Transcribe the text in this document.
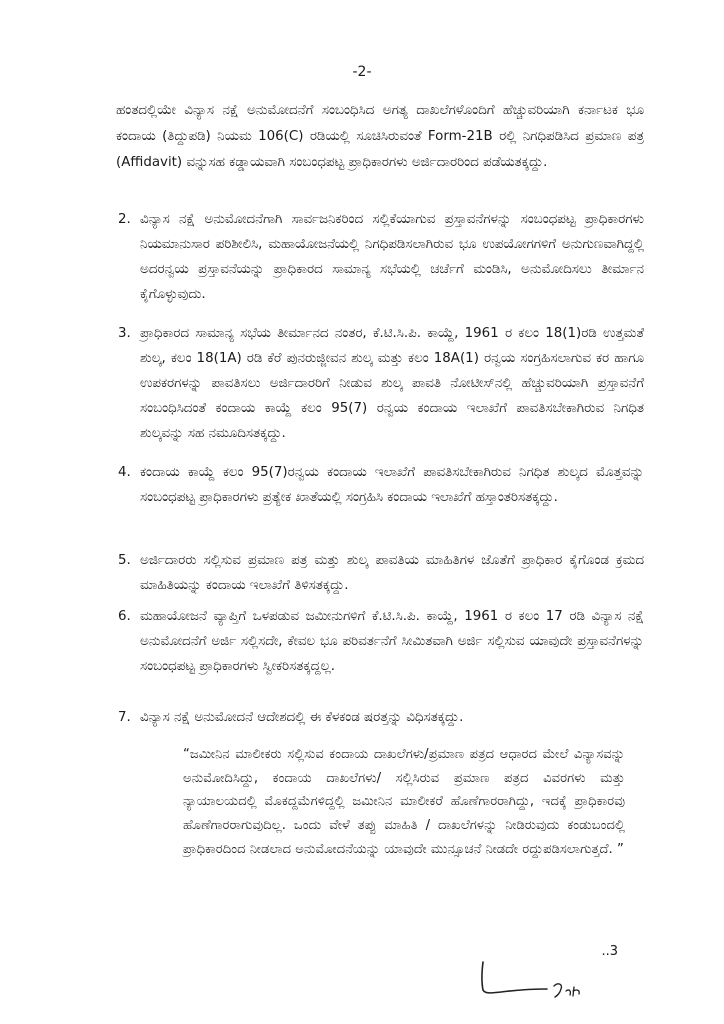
-2-
ಹಂತದಲ್ಲಿಯೇ ವಿನ್ಯಾಸ ನಕ್ಷೆ ಅನುಮೋದನೆಗೆ ಸಂಬಂಧಿಸಿದ ಅಗತ್ಯ ದಾಖಲೆಗಳೊಂದಿಗೆ ಹೆಚ್ಚುವರಿಯಾಗಿ ಕರ್ನಾಟಕ ಭೂ ಕಂದಾಯ (ತಿದ್ದುಪಡಿ) ನಿಯಮ 106(C) ರಡಿಯಲ್ಲಿ ಸೂಚಿಸಿರುವಂತೆ Form-21B ರಲ್ಲಿ ನಿಗಧಿಪಡಿಸಿದ ಪ್ರಮಾಣ ಪತ್ರ (Affidavit) ವನ್ನುಸಹ ಕಡ್ಡಾಯವಾಗಿ ಸಂಬಂಧಪಟ್ಟ ಪ್ರಾಧಿಕಾರಗಳು ಅರ್ಜಿದಾರರಿಂದ ಪಡೆಯತಕ್ಕದ್ದು.
2. ವಿನ್ಯಾಸ ನಕ್ಷೆ ಅನುಮೋದನೆಗಾಗಿ ಸಾರ್ವಜನಿಕರಿಂದ ಸಲ್ಲಿಕೆಯಾಗುವ ಪ್ರಸ್ತಾವನೆಗಳನ್ನು ಸಂಬಂಧಪಟ್ಟ ಪ್ರಾಧಿಕಾರಗಳು ನಿಯಮಾನುಸಾರ ಪರಿಶೀಲಿಸಿ, ಮಹಾಯೋಜನೆಯಲ್ಲಿ ನಿಗಧಿಪಡಿಸಲಾಗಿರುವ ಭೂ ಉಪಯೋಗಗಳಿಗೆ ಅನುಗುಣವಾಗಿದ್ದಲ್ಲಿ ಅದರನ್ವಯ ಪ್ರಸ್ತಾವನೆಯನ್ನು ಪ್ರಾಧಿಕಾರದ ಸಾಮಾನ್ಯ ಸಭೆಯಲ್ಲಿ ಚರ್ಚೆಗೆ ಮಂಡಿಸಿ, ಅನುಮೋದಿಸಲು ತೀರ್ಮಾನ ಕೈಗೊಳ್ಳುವುದು.
3. ಪ್ರಾಧಿಕಾರದ ಸಾಮಾನ್ಯ ಸಭೆಯ ತೀರ್ಮಾನದ ನಂತರ, ಕೆ.ಟಿ.ಸಿ.ಪಿ. ಕಾಯ್ದೆ, 1961 ರ ಕಲಂ 18(1)ರಡಿ ಉತ್ತಮತೆ ಶುಲ್ಕ, ಕಲಂ 18(1A) ರಡಿ ಕೆರೆ ಪುನರುಜ್ಜೀವನ ಶುಲ್ಕ ಮತ್ತು ಕಲಂ 18A(1) ರನ್ವಯ ಸಂಗ್ರಹಿಸಲಾಗುವ ಕರ ಹಾಗೂ ಉಪಕರಗಳನ್ನು ಪಾವತಿಸಲು ಅರ್ಜಿದಾರರಿಗೆ ನೀಡುವ ಶುಲ್ಕ ಪಾವತಿ ನೋಟೀಸ್‌ನಲ್ಲಿ ಹೆಚ್ಚುವರಿಯಾಗಿ ಪ್ರಸ್ತಾವನೆಗೆ ಸಂಬಂಧಿಸಿದಂತೆ ಕಂದಾಯ ಕಾಯ್ದೆ ಕಲಂ 95(7) ರನ್ವಯ ಕಂದಾಯ ಇಲಾಖೆಗೆ ಪಾವತಿಸಬೇಕಾಗಿರುವ ನಿಗಧಿತ ಶುಲ್ಕವನ್ನು ಸಹ ನಮೂದಿಸತಕ್ಕದ್ದು.
4. ಕಂದಾಯ ಕಾಯ್ದೆ ಕಲಂ 95(7)ರನ್ವಯ ಕಂದಾಯ ಇಲಾಖೆಗೆ ಪಾವತಿಸಬೇಕಾಗಿರುವ ನಿಗಧಿತ ಶುಲ್ಕದ ಮೊತ್ತವನ್ನು ಸಂಬಂಧಪಟ್ಟ ಪ್ರಾಧಿಕಾರಗಳು ಪ್ರತ್ಯೇಕ ಖಾತೆಯಲ್ಲಿ ಸಂಗ್ರಹಿಸಿ ಕಂದಾಯ ಇಲಾಖೆಗೆ ಹಸ್ತಾಂತರಿಸತಕ್ಕದ್ದು.
5. ಅರ್ಜಿದಾರರು ಸಲ್ಲಿಸುವ ಪ್ರಮಾಣ ಪತ್ರ ಮತ್ತು ಶುಲ್ಕ ಪಾವತಿಯ ಮಾಹಿತಿಗಳ ಜೊತೆಗೆ ಪ್ರಾಧಿಕಾರ ಕೈಗೊಂಡ ಕ್ರಮದ ಮಾಹಿತಿಯನ್ನು ಕಂದಾಯ ಇಲಾಖೆಗೆ ತಿಳಿಸತಕ್ಕದ್ದು.
6. ಮಹಾಯೋಜನೆ ವ್ಯಾಪ್ತಿಗೆ ಒಳಪಡುವ ಜಮೀನುಗಳಿಗೆ ಕೆ.ಟಿ.ಸಿ.ಪಿ. ಕಾಯ್ದೆ, 1961 ರ ಕಲಂ 17 ರಡಿ ವಿನ್ಯಾಸ ನಕ್ಷೆ ಅನುಮೋದನೆಗೆ ಅರ್ಜಿ ಸಲ್ಲಿಸದೇ, ಕೇವಲ ಭೂ ಪರಿವರ್ತನೆಗೆ ಸೀಮಿತವಾಗಿ ಅರ್ಜಿ ಸಲ್ಲಿಸುವ ಯಾವುದೇ ಪ್ರಸ್ತಾವನೆಗಳನ್ನು ಸಂಬಂಧಪಟ್ಟ ಪ್ರಾಧಿಕಾರಗಳು ಸ್ವೀಕರಿಸತಕ್ಕದ್ದಲ್ಲ.
7. ವಿನ್ಯಾಸ ನಕ್ಷೆ ಅನುಮೋದನೆ ಆದೇಶದಲ್ಲಿ ಈ ಕೆಳಕಂಡ ಷರತ್ತನ್ನು ವಿಧಿಸತಕ್ಕದ್ದು.
“ಜಮೀನಿನ ಮಾಲೀಕರು ಸಲ್ಲಿಸುವ ಕಂದಾಯ ದಾಖಲೆಗಳು/ಪ್ರಮಾಣ ಪತ್ರದ ಆಧಾರದ ಮೇಲೆ ವಿನ್ಯಾಸವನ್ನು ಅನುಮೋದಿಸಿದ್ದು, ಕಂದಾಯ ದಾಖಲೆಗಳು/ ಸಲ್ಲಿಸಿರುವ ಪ್ರಮಾಣ ಪತ್ರದ ವಿವರಗಳು ಮತ್ತು ನ್ಯಾಯಾಲಯದಲ್ಲಿ ಮೊಕದ್ದಮೆಗಳಿದ್ದಲ್ಲಿ ಜಮೀನಿನ ಮಾಲೀಕರೆ ಹೊಣೆಗಾರರಾಗಿದ್ದು, ಇದಕ್ಕೆ ಪ್ರಾಧಿಕಾರವು ಹೊಣೆಗಾರರಾಗುವುದಿಲ್ಲ. ಒಂದು ವೇಳೆ ತಪ್ಪು ಮಾಹಿತಿ / ದಾಖಲೆಗಳನ್ನು ನೀಡಿರುವುದು ಕಂಡುಬಂದಲ್ಲಿ ಪ್ರಾಧಿಕಾರದಿಂದ ನೀಡಲಾದ ಅನುಮೋದನೆಯನ್ನು ಯಾವುದೇ ಮುನ್ಸೂಚನೆ ನೀಡದೇ ರದ್ದುಪಡಿಸಲಾಗುತ್ತದೆ. ”
..3
